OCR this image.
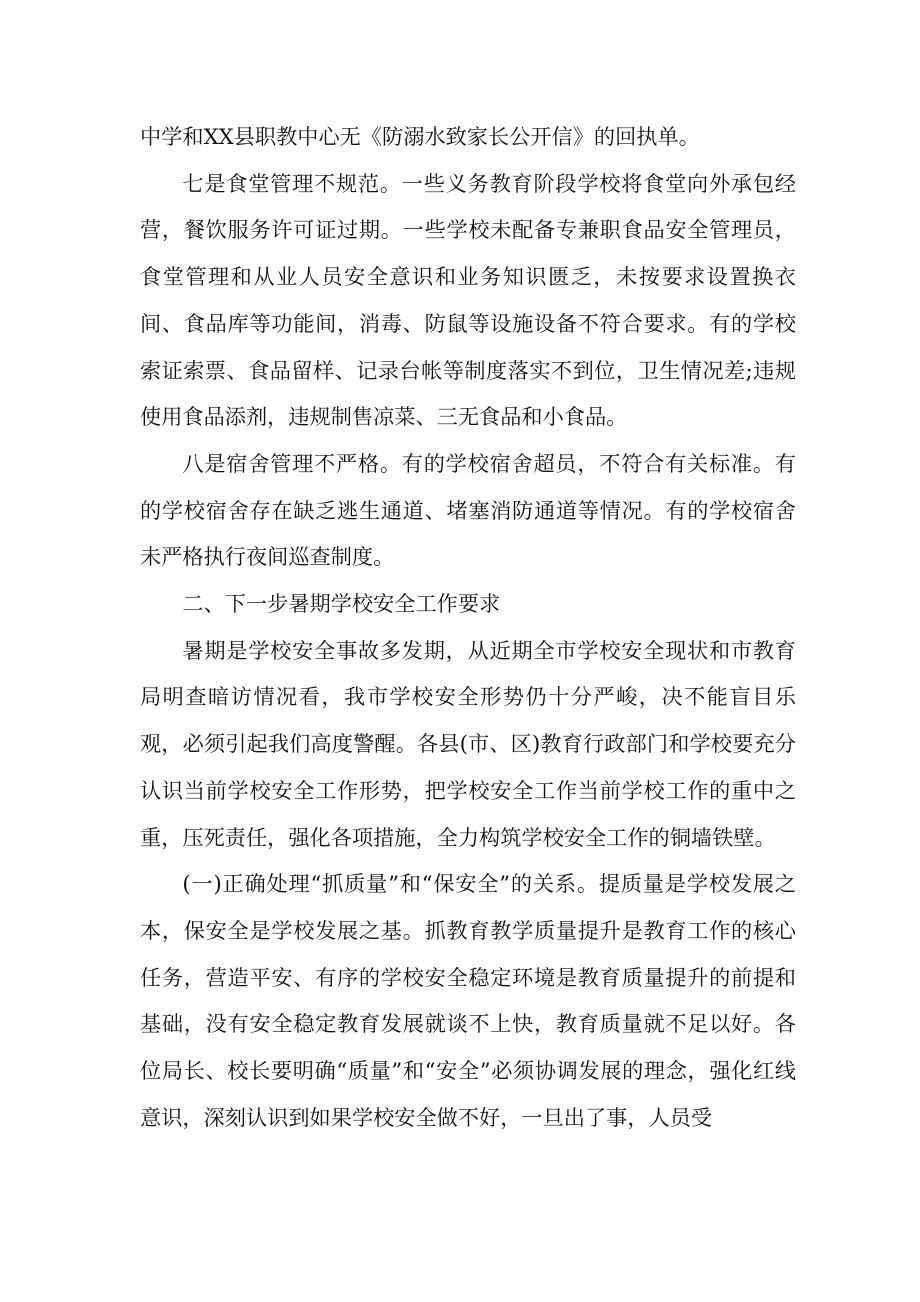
中学和XX县职教中心无《防溺水致家长公开信》的回执单。

七是食堂管理不规范。一些义务教育阶段学校将食堂向外承包经营，餐饮服务许可证过期。一些学校未配备专兼职食品安全管理员，食堂管理和从业人员安全意识和业务知识匮乏，未按要求设置换衣间、食品库等功能间，消毒、防鼠等设施设备不符合要求。有的学校索证索票、食品留样、记录台帐等制度落实不到位，卫生情况差;违规使用食品添剂，违规制售凉菜、三无食品和小食品。

八是宿舍管理不严格。有的学校宿舍超员，不符合有关标准。有的学校宿舍存在缺乏逃生通道、堵塞消防通道等情况。有的学校宿舍未严格执行夜间巡查制度。

二、下一步暑期学校安全工作要求

暑期是学校安全事故多发期，从近期全市学校安全现状和市教育局明查暗访情况看，我市学校安全形势仍十分严峻，决不能盲目乐观，必须引起我们高度警醒。各县(市、区)教育行政部门和学校要充分认识当前学校安全工作形势，把学校安全工作当前学校工作的重中之重，压死责任，强化各项措施，全力构筑学校安全工作的铜墙铁壁。

(一)正确处理“抓质量”和“保安全”的关系。提质量是学校发展之本，保安全是学校发展之基。抓教育教学质量提升是教育工作的核心任务，营造平安、有序的学校安全稳定环境是教育质量提升的前提和基础，没有安全稳定教育发展就谈不上快，教育质量就不足以好。各位局长、校长要明确“质量”和“安全”必须协调发展的理念，强化红线意识，深刻认识到如果学校安全做不好，一旦出了事，人员受
